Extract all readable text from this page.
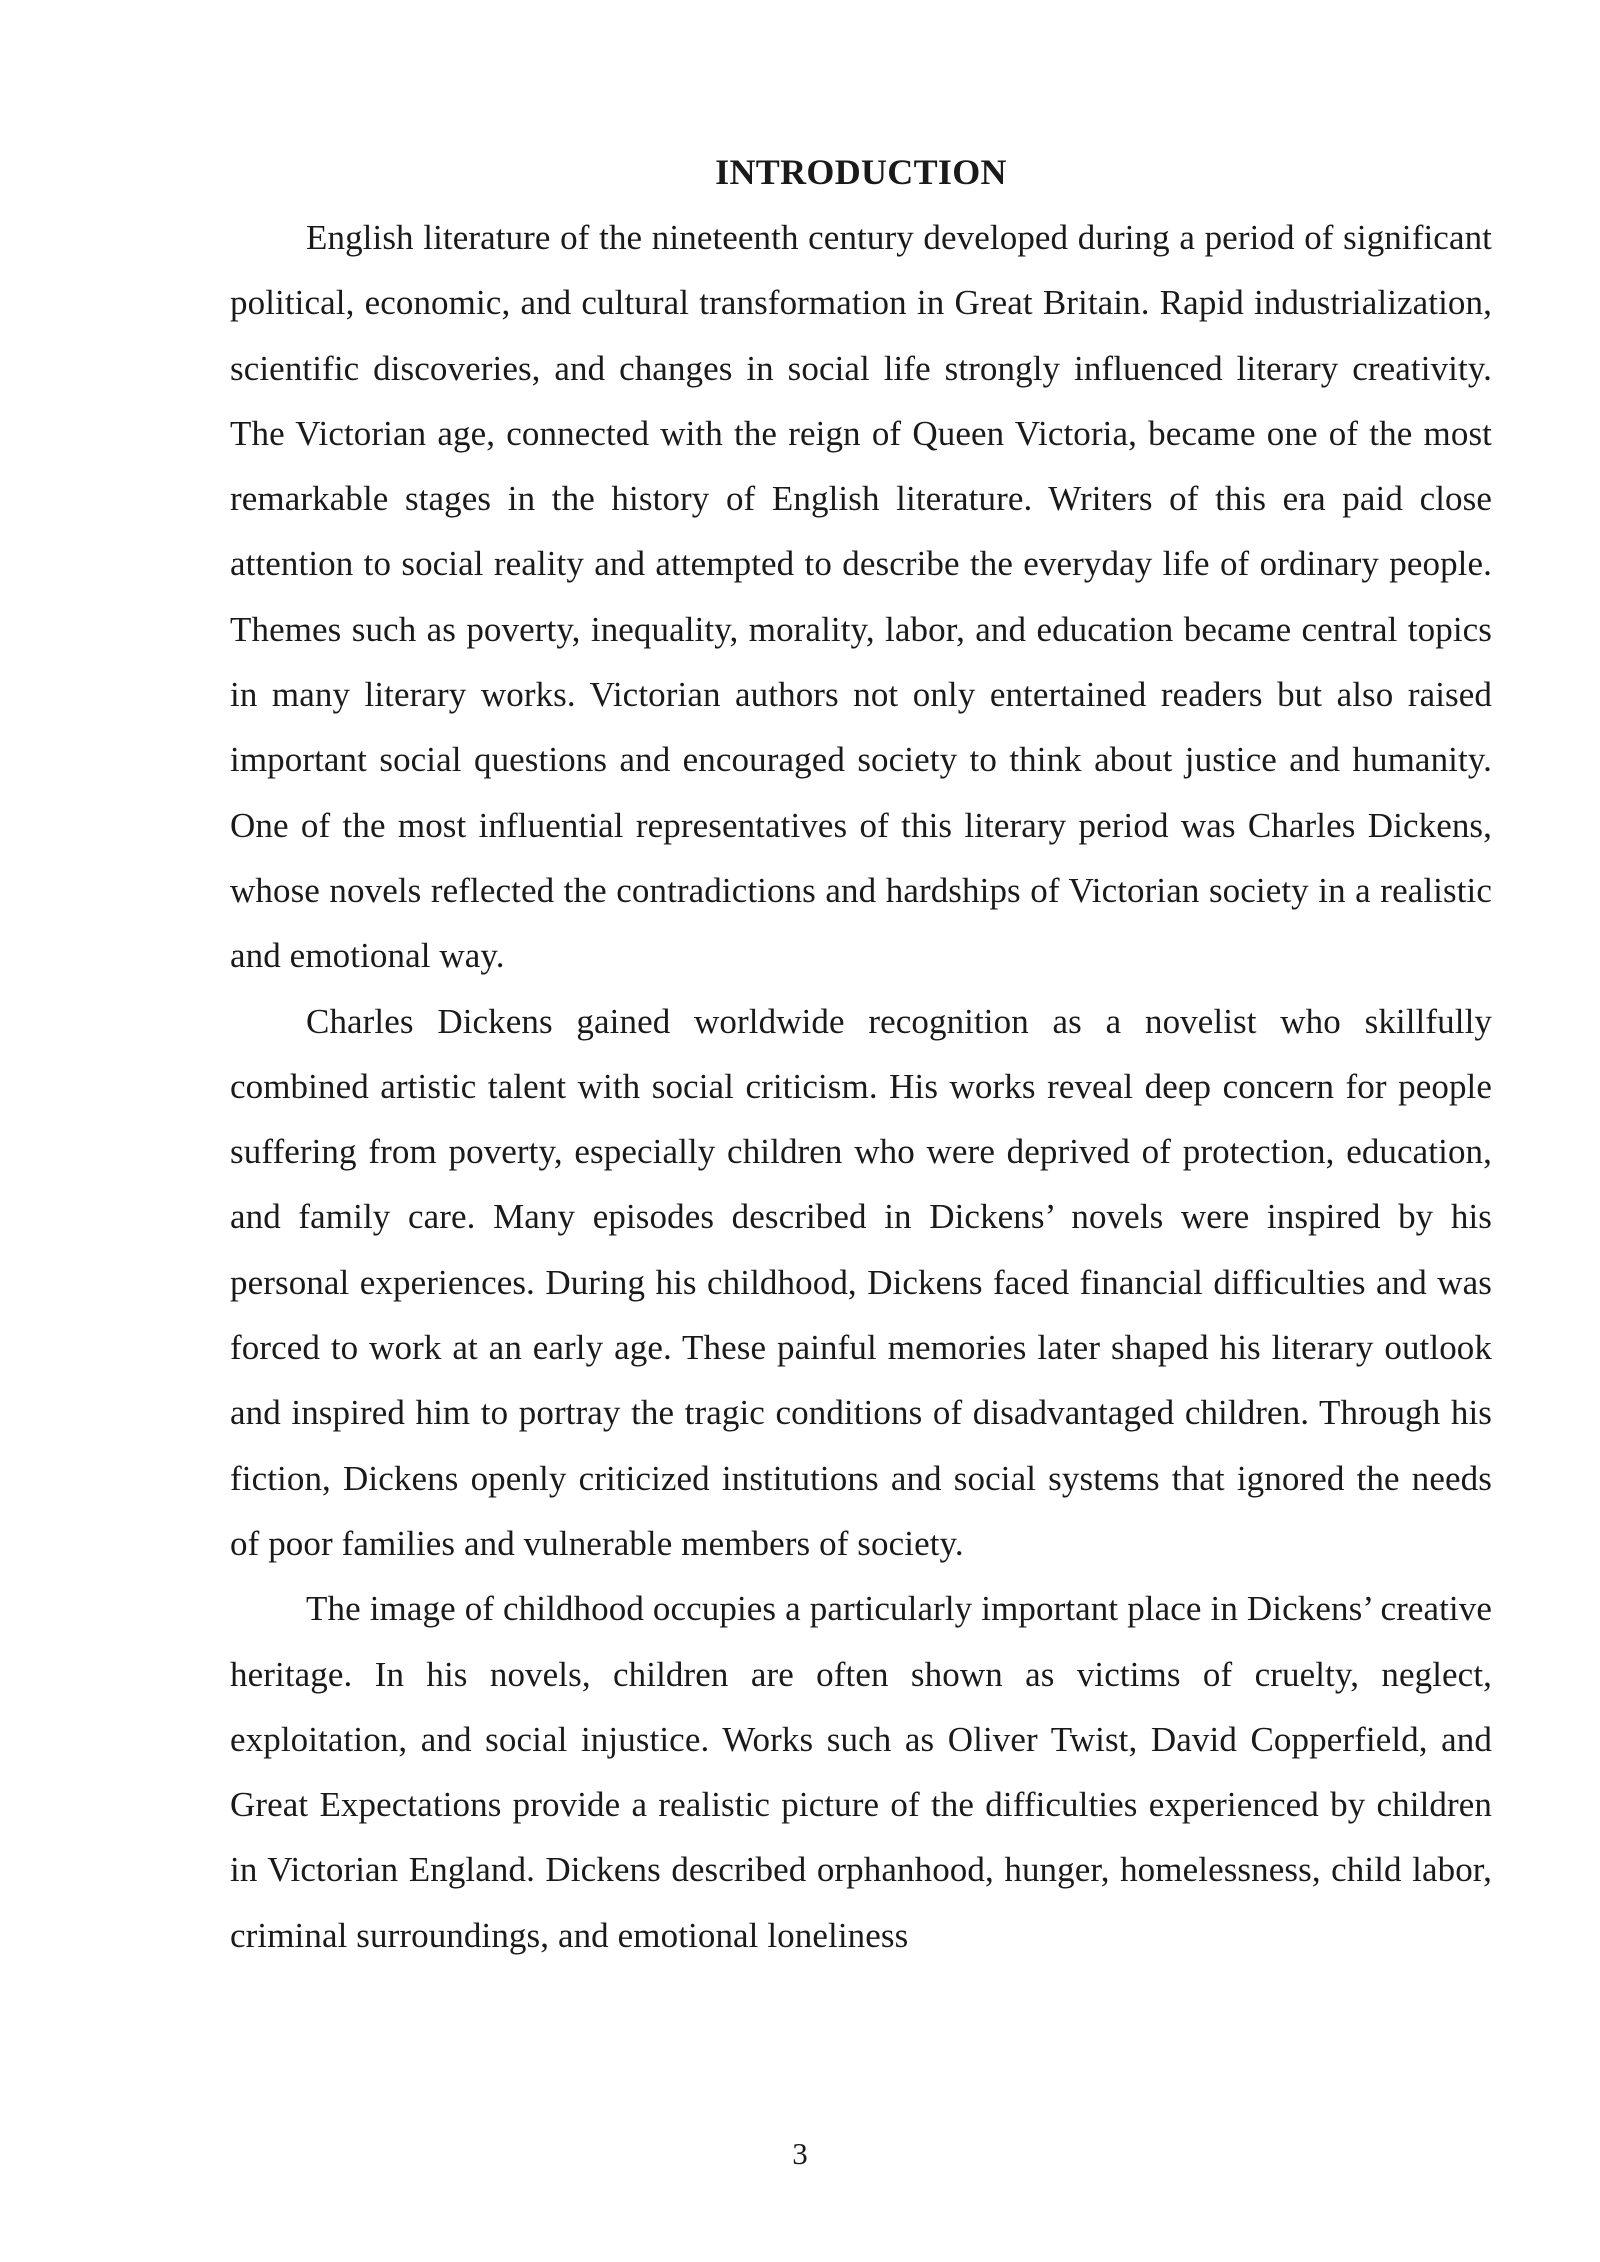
INTRODUCTION

English literature of the nineteenth century developed during a period of significant political, economic, and cultural transformation in Great Britain. Rapid industrialization, scientific discoveries, and changes in social life strongly influenced literary creativity. The Victorian age, connected with the reign of Queen Victoria, became one of the most remarkable stages in the history of English literature. Writers of this era paid close attention to social reality and attempted to describe the everyday life of ordinary people. Themes such as poverty, inequality, morality, labor, and education became central topics in many literary works. Victorian authors not only entertained readers but also raised important social questions and encouraged society to think about justice and humanity. One of the most influential representatives of this literary period was Charles Dickens, whose novels reflected the contradictions and hardships of Victorian society in a realistic and emotional way.

Charles Dickens gained worldwide recognition as a novelist who skillfully combined artistic talent with social criticism. His works reveal deep concern for people suffering from poverty, especially children who were deprived of protection, education, and family care. Many episodes described in Dickens’ novels were inspired by his personal experiences. During his childhood, Dickens faced financial difficulties and was forced to work at an early age. These painful memories later shaped his literary outlook and inspired him to portray the tragic conditions of disadvantaged children. Through his fiction, Dickens openly criticized institutions and social systems that ignored the needs of poor families and vulnerable members of society.

The image of childhood occupies a particularly important place in Dickens’ creative heritage. In his novels, children are often shown as victims of cruelty, neglect, exploitation, and social injustice. Works such as Oliver Twist, David Copperfield, and Great Expectations provide a realistic picture of the difficulties experienced by children in Victorian England. Dickens described orphanhood, hunger, homelessness, child labor, criminal surroundings, and emotional loneliness

3
